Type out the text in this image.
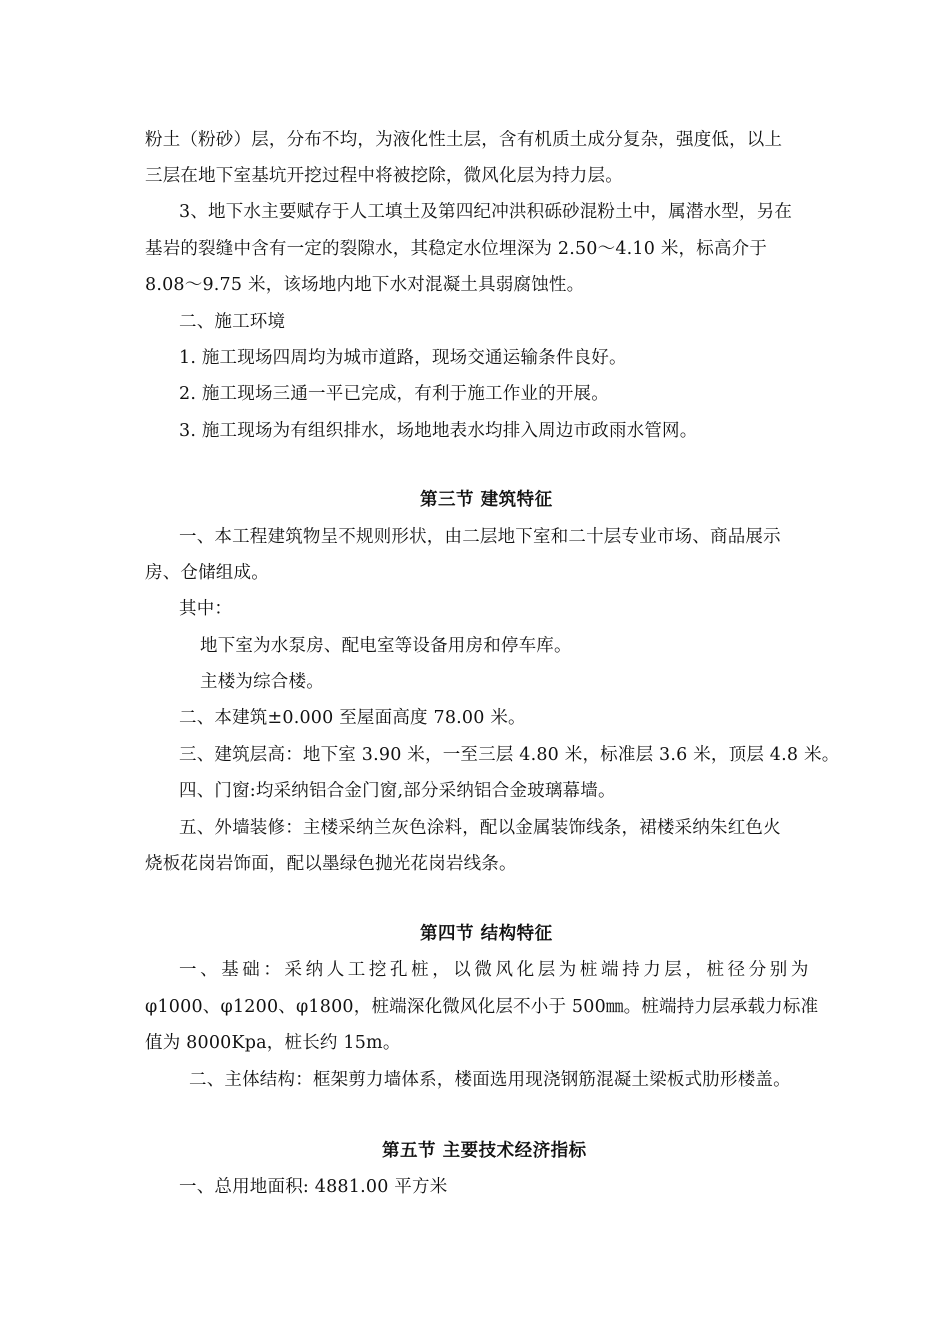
粉土（粉砂）层，分布不均，为液化性土层，含有机质土成分复杂，强度低，以上
三层在地下室基坑开挖过程中将被挖除，微风化层为持力层。
3、地下水主要赋存于人工填土及第四纪冲洪积砾砂混粉土中，属潜水型，另在
基岩的裂缝中含有一定的裂隙水，其稳定水位埋深为 2.50～4.10 米，标高介于
8.08～9.75 米，该场地内地下水对混凝土具弱腐蚀性。
二、施工环境
1. 施工现场四周均为城市道路，现场交通运输条件良好。
2. 施工现场三通一平已完成，有利于施工作业的开展。
3. 施工现场为有组织排水，场地地表水均排入周边市政雨水管网。
第三节 建筑特征
一、本工程建筑物呈不规则形状，由二层地下室和二十层专业市场、商品展示
房、仓储组成。
其中：
地下室为水泵房、配电室等设备用房和停车库。
主楼为综合楼。
二、本建筑±0.000 至屋面高度 78.00 米。
三、建筑层高：地下室 3.90 米，一至三层 4.80 米，标准层 3.6 米，顶层 4.8 米。
四、门窗:均采纳铝合金门窗,部分采纳铝合金玻璃幕墙。
五、外墙装修：主楼采纳兰灰色涂料，配以金属装饰线条，裙楼采纳朱红色火
烧板花岗岩饰面，配以墨绿色抛光花岗岩线条。
第四节 结构特征
一、基础：采纳人工挖孔桩，以微风化层为桩端持力层，桩径分别为
φ1000、φ1200、φ1800，桩端深化微风化层不小于 500㎜。桩端持力层承载力标准
值为 8000Kpa，桩长约 15m。
二、主体结构：框架剪力墙体系，楼面选用现浇钢筋混凝土梁板式肋形楼盖。
第五节 主要技术经济指标
一、总用地面积: 4881.00 平方米
